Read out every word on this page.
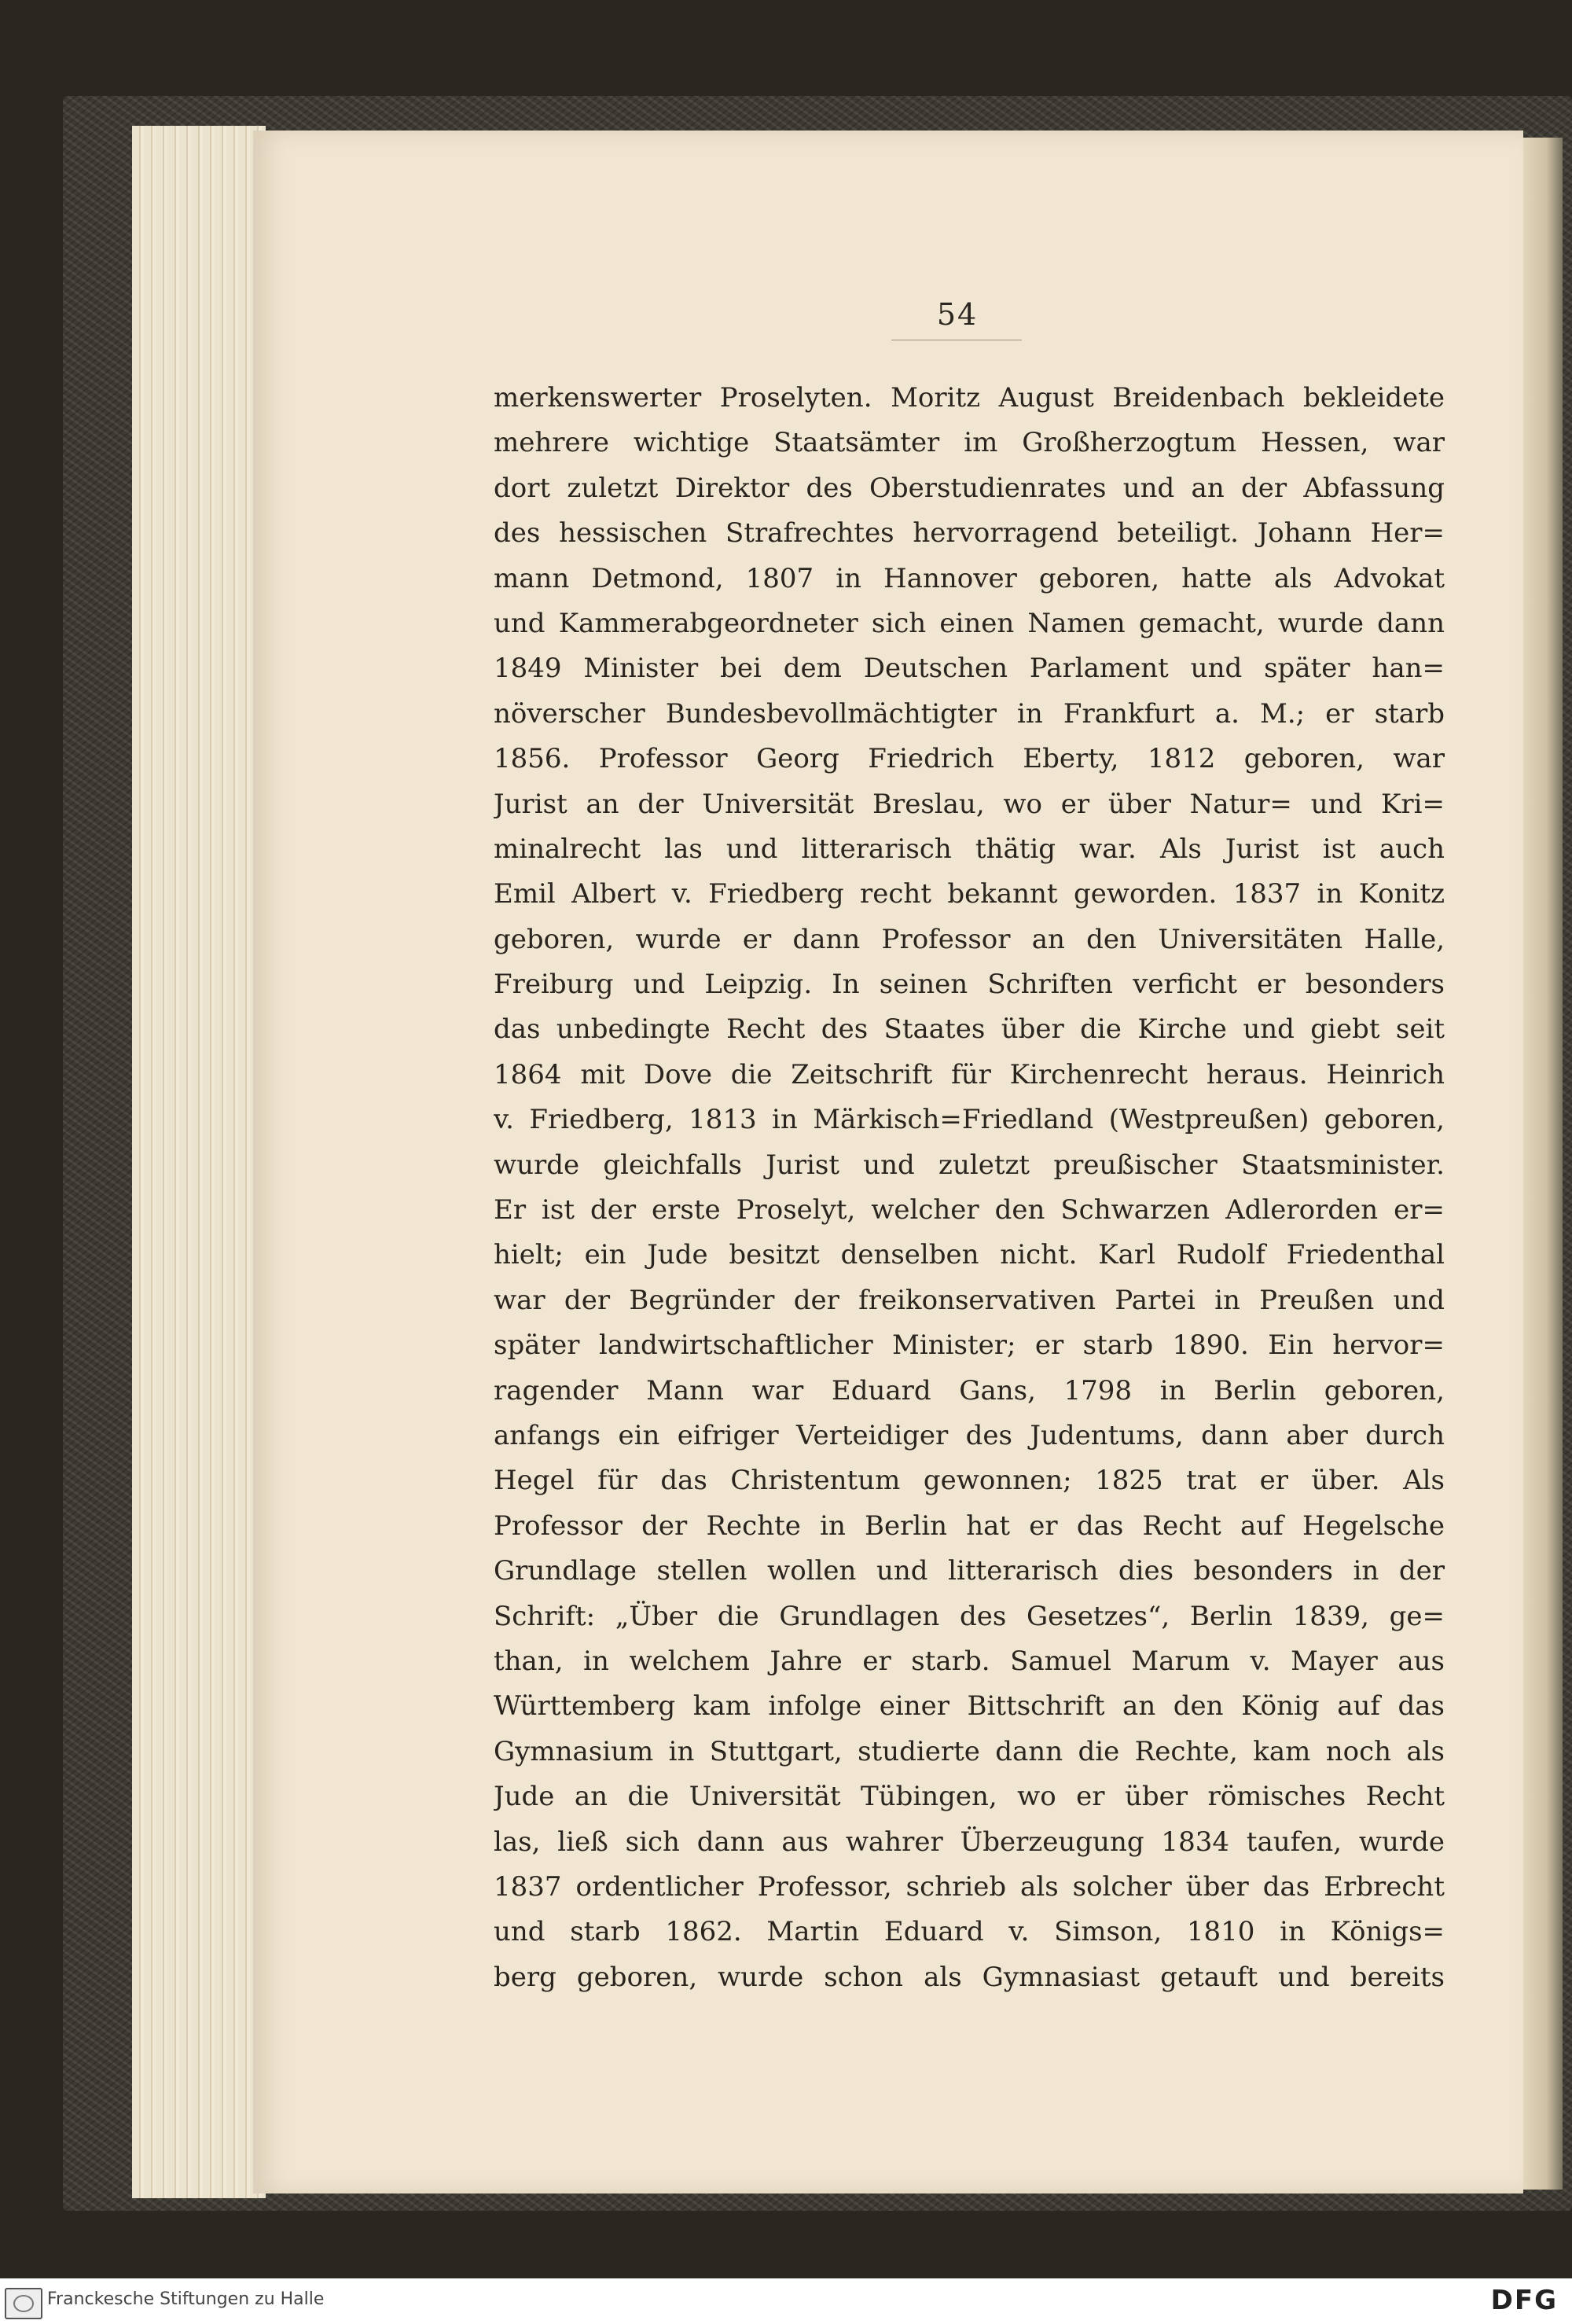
54
merkenswerter Proselyten. Moritz August Breidenbach bekleidete
mehrere wichtige Staatsämter im Großherzogtum Hessen, war
dort zuletzt Direktor des Oberstudienrates und an der Abfassung
des hessischen Strafrechtes hervorragend beteiligt. Johann Her=
mann Detmond, 1807 in Hannover geboren, hatte als Advokat
und Kammerabgeordneter sich einen Namen gemacht, wurde dann
1849 Minister bei dem Deutschen Parlament und später han=
növerscher Bundesbevollmächtigter in Frankfurt a. M.; er starb
1856. Professor Georg Friedrich Eberty, 1812 geboren, war
Jurist an der Universität Breslau, wo er über Natur= und Kri=
minalrecht las und litterarisch thätig war. Als Jurist ist auch
Emil Albert v. Friedberg recht bekannt geworden. 1837 in Konitz
geboren, wurde er dann Professor an den Universitäten Halle,
Freiburg und Leipzig. In seinen Schriften verficht er besonders
das unbedingte Recht des Staates über die Kirche und giebt seit
1864 mit Dove die Zeitschrift für Kirchenrecht heraus. Heinrich
v. Friedberg, 1813 in Märkisch=Friedland (Westpreußen) geboren,
wurde gleichfalls Jurist und zuletzt preußischer Staatsminister.
Er ist der erste Proselyt, welcher den Schwarzen Adlerorden er=
hielt; ein Jude besitzt denselben nicht. Karl Rudolf Friedenthal
war der Begründer der freikonservativen Partei in Preußen und
später landwirtschaftlicher Minister; er starb 1890. Ein hervor=
ragender Mann war Eduard Gans, 1798 in Berlin geboren,
anfangs ein eifriger Verteidiger des Judentums, dann aber durch
Hegel für das Christentum gewonnen; 1825 trat er über. Als
Professor der Rechte in Berlin hat er das Recht auf Hegelsche
Grundlage stellen wollen und litterarisch dies besonders in der
Schrift: „Über die Grundlagen des Gesetzes“, Berlin 1839, ge=
than, in welchem Jahre er starb. Samuel Marum v. Mayer aus
Württemberg kam infolge einer Bittschrift an den König auf das
Gymnasium in Stuttgart, studierte dann die Rechte, kam noch als
Jude an die Universität Tübingen, wo er über römisches Recht
las, ließ sich dann aus wahrer Überzeugung 1834 taufen, wurde
1837 ordentlicher Professor, schrieb als solcher über das Erbrecht
und starb 1862. Martin Eduard v. Simson, 1810 in Königs=
berg geboren, wurde schon als Gymnasiast getauft und bereits
Franckesche Stiftungen zu Halle	DFG
